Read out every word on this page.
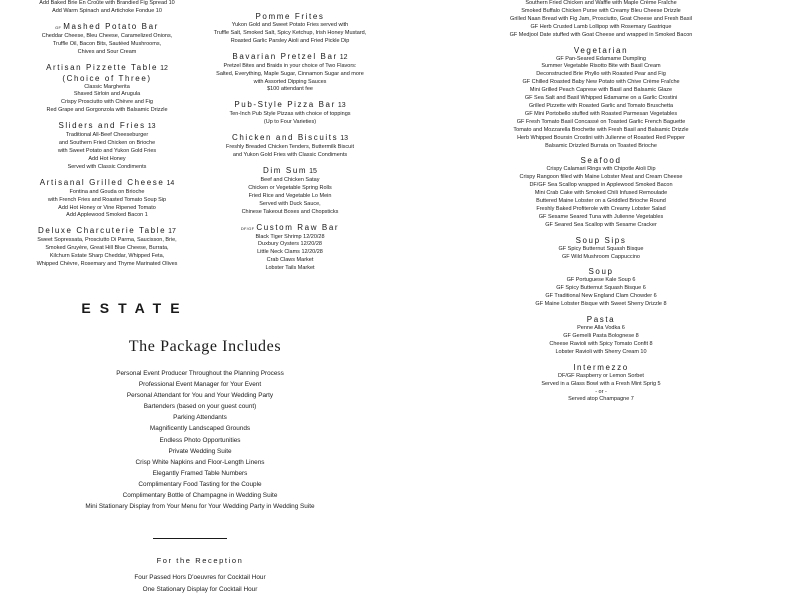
Add Baked Brie En Croûte with Brandied Fig Spread 10
Add Warm Spinach and Artichoke Fondue 10
GF Mashed Potato Bar
Cheddar Cheese, Bleu Cheese, Caramelized Onions,
Truffle Oil, Bacon Bits, Sautéed Mushrooms,
Chives and Sour Cream
Artisan Pizzette Table 12
(Choice of Three)
Classic Margherita
Shaved Sirloin and Arugula
Crispy Prosciutto with Chèvre and Fig
Red Grape and Gorgonzola with Balsamic Drizzle
Sliders and Fries 13
Traditional All-Beef Cheeseburger
and Southern Fried Chicken on Brioche
with Sweet Potato and Yukon Gold Fries
Add Hot Honey
Served with Classic Condiments
Artisanal Grilled Cheese 14
Fontina and Gouda on Brioche
with French Fries and Roasted Tomato Soup Sip
Add Hot Honey or Vine Ripened Tomato
Add Applewood Smoked Bacon 1
Deluxe Charcuterie Table 17
Sweet Sopressata, Prosciutto Di Parma, Saucisson, Brie,
Smoked Gruyère, Great Hill Blue Cheese, Burrata,
Kilchurn Estate Sharp Cheddar, Whipped Feta,
Whipped Chèvre, Rosemary and Thyme Marinated Olives
Pomme Frites
Yukon Gold and Sweet Potato Fries served with
Truffle Salt, Smoked Salt, Spicy Ketchup, Irish Honey Mustard,
Roasted Garlic Parsley Aioli and Fried Pickle Dip
Bavarian Pretzel Bar 12
Pretzel Bites and Braids in your choice of Two Flavors:
Salted, Everything, Maple Sugar, Cinnamon Sugar and more
with Assorted Dipping Sauces
$100 attendant fee
Pub-Style Pizza Bar 13
Ten-Inch Pub Style Pizzas with choice of toppings
(Up to Four Varieties)
Chicken and Biscuits 13
Freshly Breaded Chicken Tenders, Buttermilk Biscuit
and Yukon Gold Fries with Classic Condiments
Dim Sum 15
Beef and Chicken Satay
Chicken or Vegetable Spring Rolls
Fried Rice and Vegetable Lo Mein
Served with Duck Sauce,
Chinese Takeout Boxes and Chopsticks
DF/GF Custom Raw Bar
Black Tiger Shrimp 12/20/28
Duxbury Oysters 12/20/28
Little Neck Clams 12/20/28
Crab Claws Market
Lobster Tails Market
Southern Fried Chicken and Waffle with Maple Crème Fraîche
Smoked Buffalo Chicken Purse with Creamy Bleu Cheese Drizzle
Grilled Naan Bread with Fig Jam, Prosciutto, Goat Cheese and Fresh Basil
GF Herb Crusted Lamb Lollipop with Rosemary Gastrique
GF Medjool Date stuffed with Goat Cheese and wrapped in Smoked Bacon
Vegetarian
GF Pan-Seared Edamame Dumpling
Summer Vegetable Risotto Bite with Basil Cream
Deconstructed Brie Phyllo with Roasted Pear and Fig
GF Chilled Roasted Baby New Potato with Chive Crème Fraîche
Mini Grilled Peach Caprese with Basil and Balsamic Glaze
GF Sea Salt and Basil Whipped Edamame on a Garlic Crostini
Grilled Pizzette with Roasted Garlic and Tomato Bruschetta
GF Mini Portobello stuffed with Roasted Parmesan Vegetables
GF Fresh Tomato Basil Concassé on Toasted Garlic French Baguette
Tomato and Mozzarella Brochette with Fresh Basil and Balsamic Drizzle
Herb Whipped Boursin Crostini with Julienne of Roasted Red Pepper
Balsamic Drizzled Burrata on Toasted Brioche
Seafood
Crispy Calamari Rings with Chipotle Aioli Dip
Crispy Rangoon filled with Maine Lobster Meat and Cream Cheese
DF/GF Sea Scallop wrapped in Applewood Smoked Bacon
Mini Crab Cake with Smoked Chili Infused Remoulade
Buttered Maine Lobster on a Griddled Brioche Round
Freshly Baked Profiterole with Creamy Lobster Salad
GF Sesame Seared Tuna with Julienne Vegetables
GF Seared Sea Scallop with Sesame Cracker
Soup Sips
GF Spicy Butternut Squash Bisque
GF Wild Mushroom Cappuccino
Soup
GF Portuguese Kale Soup 6
GF Spicy Butternut Squash Bisque 6
GF Traditional New England Clam Chowder 6
GF Maine Lobster Bisque with Sweet Sherry Drizzle 8
Pasta
Penne Alla Vodka 6
GF Gemelli Pasta Bolognese 8
Cheese Ravioli with Spicy Tomato Confit 8
Lobster Ravioli with Sherry Cream 10
Intermezzo
DF/GF Raspberry or Lemon Sorbet
Served in a Glass Bowl with a Fresh Mint Sprig 5
- or -
Served atop Champagne 7
ESTATE
The Package Includes
Personal Event Producer Throughout the Planning Process
Professional Event Manager for Your Event
Personal Attendant for You and Your Wedding Party
Bartenders (based on your guest count)
Parking Attendants
Magnificently Landscaped Grounds
Endless Photo Opportunities
Private Wedding Suite
Crisp White Napkins and Floor-Length Linens
Elegantly Framed Table Numbers
Complimentary Food Tasting for the Couple
Complimentary Bottle of Champagne in Wedding Suite
Mini Stationary Display from Your Menu for Your Wedding Party in Wedding Suite
For the Reception
Four Passed Hors D'oeuvres for Cocktail Hour
One Stationary Display for Cocktail Hour
